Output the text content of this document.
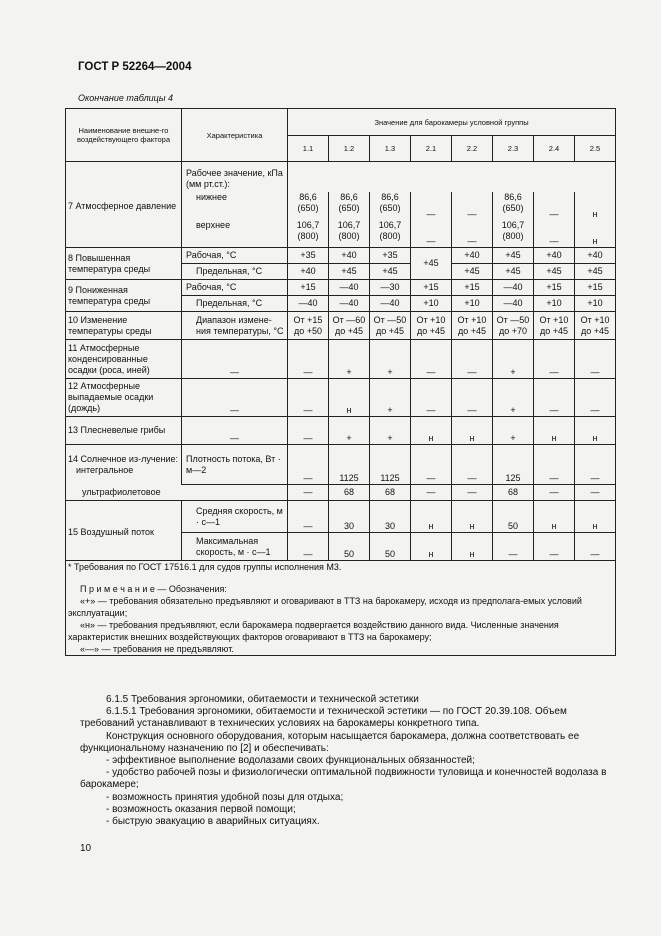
ГОСТ Р 52264—2004
Окончание таблицы 4
Наименование внешне-го воздействующего фактора	Характеристика	Значение для барокамеры условной группы							
		1.1	1.2	1.3	2.1	2.2	2.3	2.4	2.5
7 Атмосферное давление	Рабочее значение, кПа (мм рт.ст.):								
	нижнее	86,6 (650)	86,6 (650)	86,6 (650)	—	—	86,6 (650)	—	н
	верхнее	106,7 (800)	106,7 (800)	106,7 (800)	—	—	106,7 (800)	—	н
8 Повышенная температура среды	Рабочая, °С	+35	+40	+35	+45	+40	+45	+40	+40
	Предельная, °С	+40	+45	+45		+45	+45	+45	+45
9 Пониженная температура среды	Рабочая, °С	+15	—40	—30	+15	+15	—40	+15	+15
	Предельная, °С	—40	—40	—40	+10	+10	—40	+10	+10
10 Изменение температуры среды	Диапазон измене-ния температуры, °С	От +15 до +50	От —60 до +45	От —50 до +45	От +10 до +45	От +10 до +45	От —50 до +70	От +10 до +45	От +10 до +45
11 Атмосферные конденсированные осадки (роса, иней)	—	—	+	+	—	—	+	—	—
12 Атмосферные выпадаемые осадки (дождь)	—	—	н	+	—	—	+	—	—
13 Плесневелые грибы	—	—	+	+	н	н	+	н	н
14 Солнечное из-лучение:
интегральное	Плотность потока, Вт · м—2	—	1125	1125	—	—	125	—	—
ультрафиолетовое		—	68	68	—	—	68	—	—
15 Воздушный поток	Средняя скорость, м · с—1	—	30	30	н	н	50	н	н
	Максимальная скорость, м · с—1	—	50	50	н	н	—	—	—

* Требования по ГОСТ 17516.1 для судов группы исполнения М3.
П р и м е ч а н и е — Обозначения:
«+» — требования обязательно предъявляют и оговаривают в ТТЗ на барокамеру, исходя из предполага-емых условий эксплуатации;
«н» — требования предъявляют, если барокамера подвергается воздействию данного вида. Численные значения характеристик внешних воздействующих факторов оговаривают в ТТЗ на барокамеру;
«—» — требования не предъявляют.									

6.1.5 Требования эргономики, обитаемости и технической эстетики

6.1.5.1 Требования эргономики, обитаемости и технической эстетики — по ГОСТ 20.39.108. Объем требований устанавливают в технических условиях на барокамеры конкретного типа.

Конструкция основного оборудования, которым насыщается барокамера, должна соответствовать ее функциональному назначению по [2] и обеспечивать:

- эффективное выполнение водолазами своих функциональных обязанностей;

- удобство рабочей позы и физиологически оптимальной подвижности туловища и конечностей водолаза в барокамере;

- возможность принятия удобной позы для отдыха;

- возможность оказания первой помощи;

- быструю эвакуацию в аварийных ситуациях.

10
